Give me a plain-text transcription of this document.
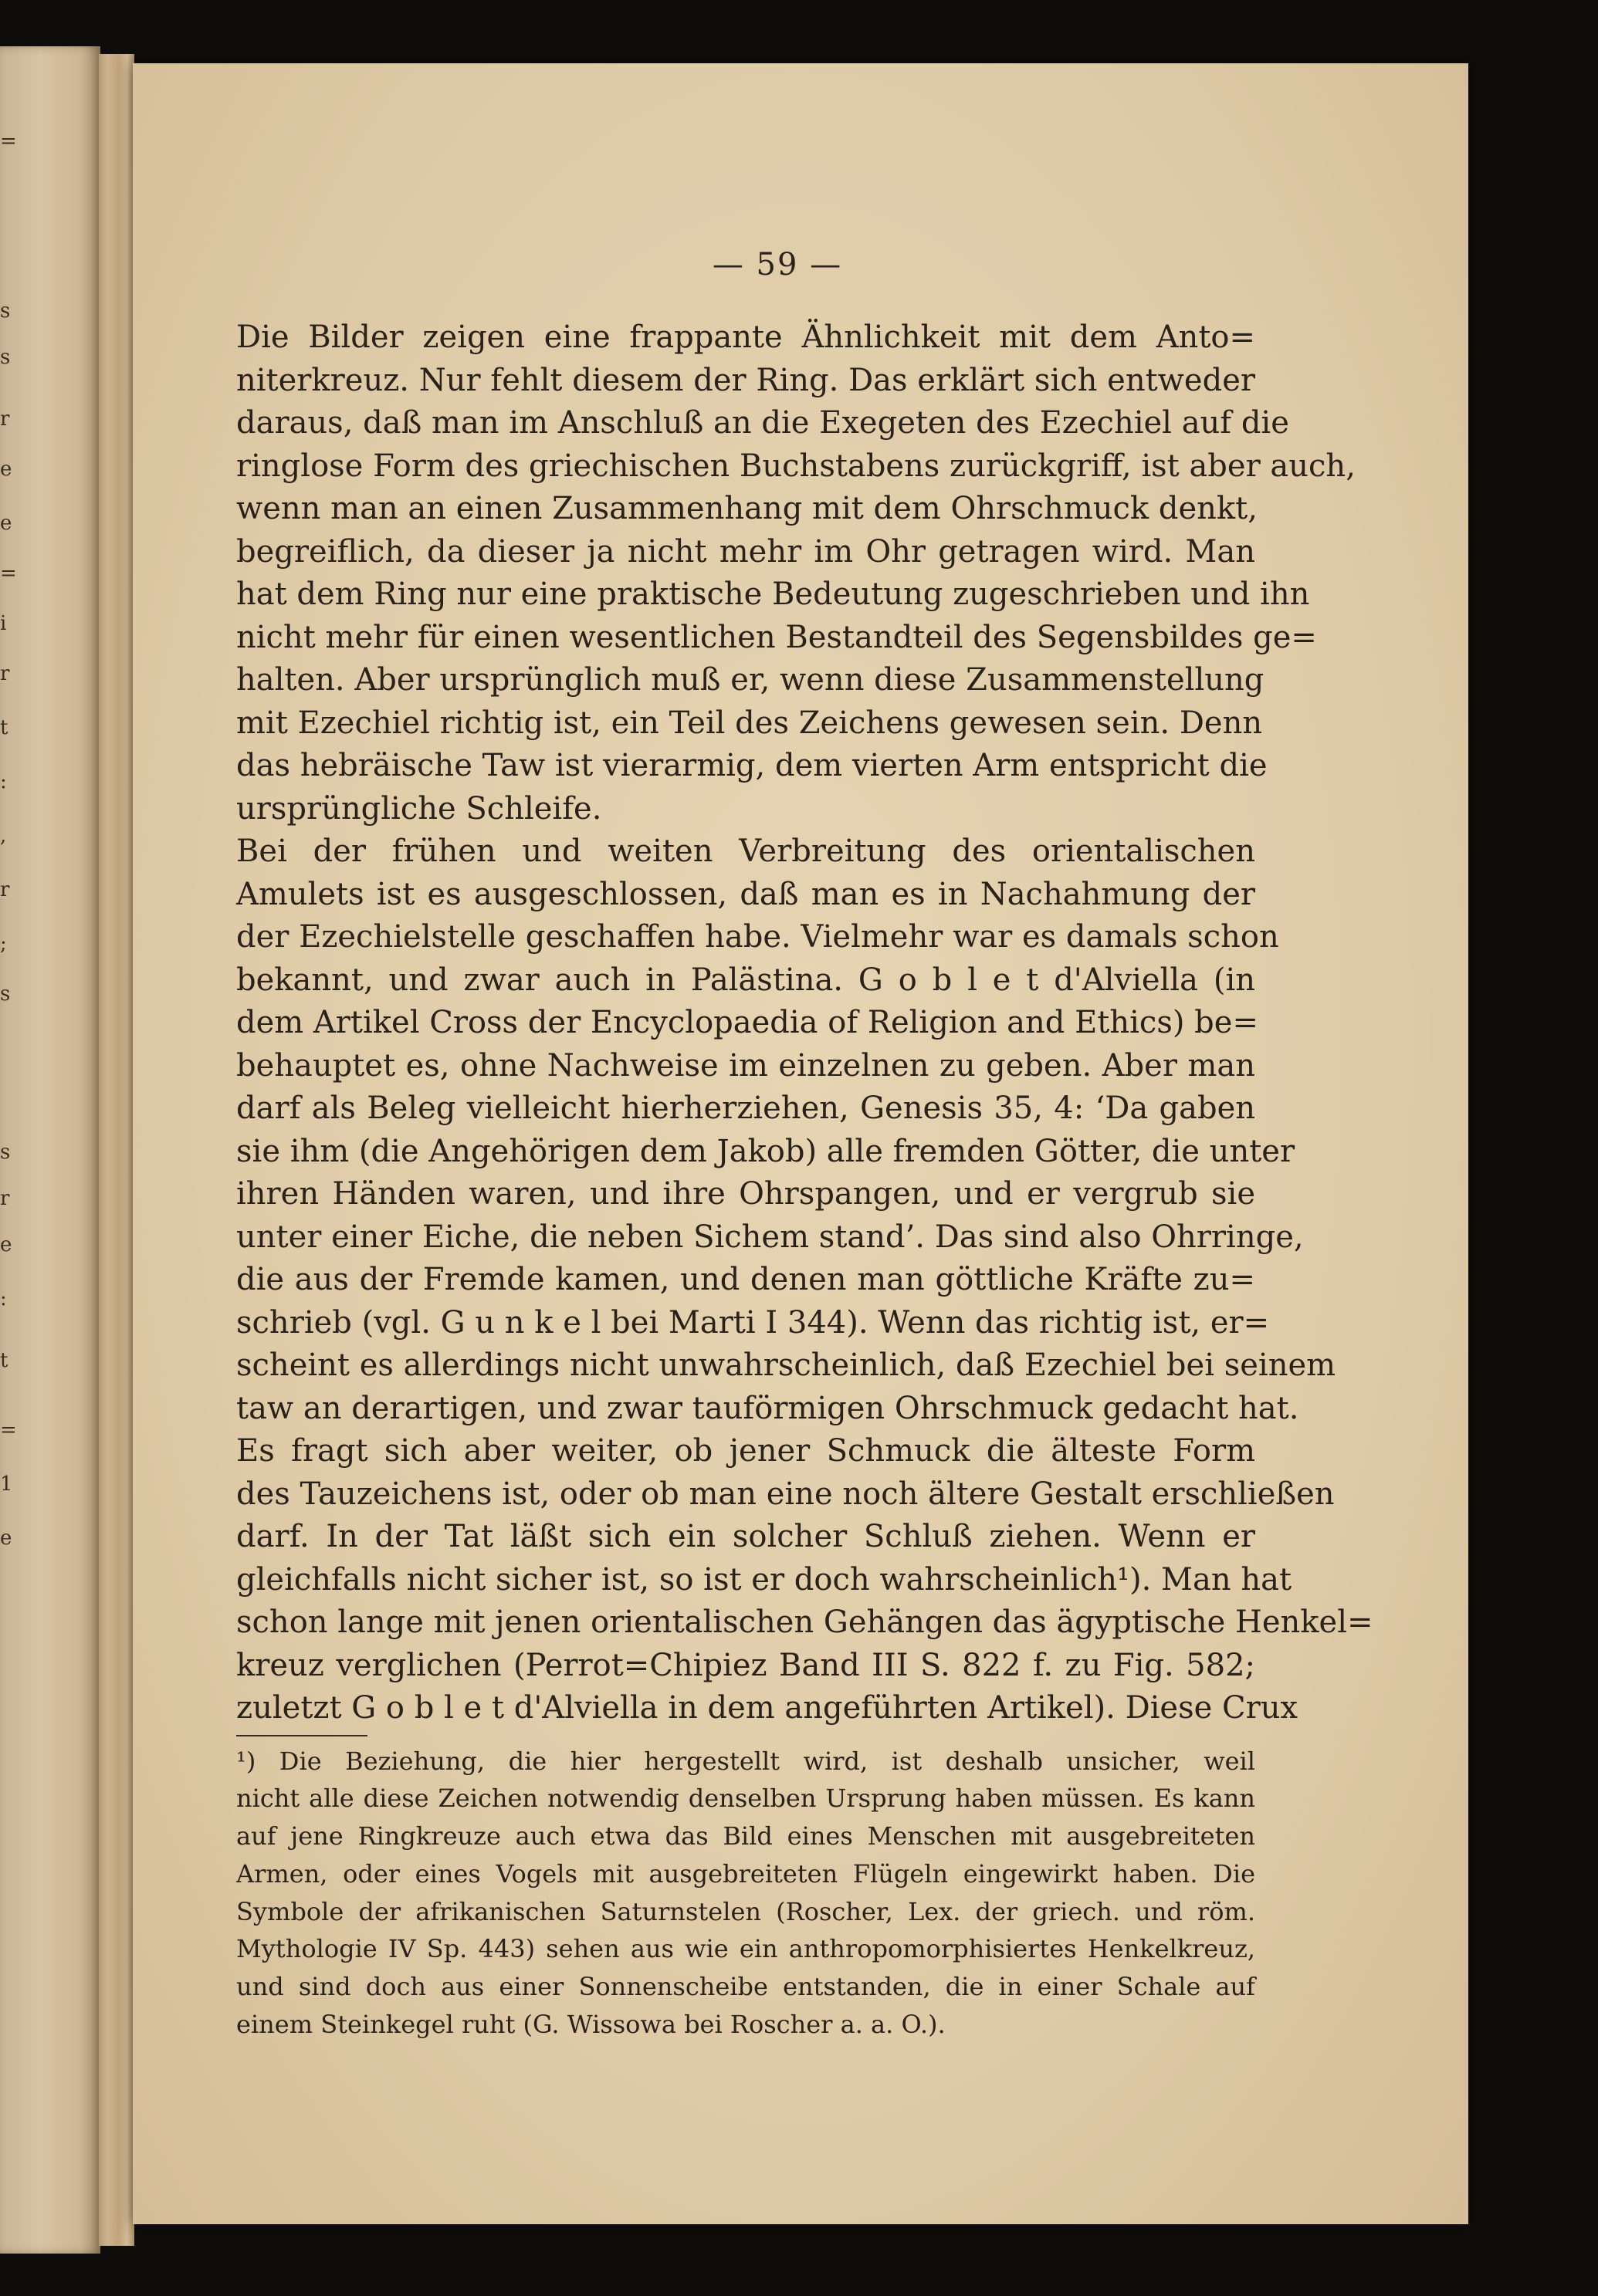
=
s
s
r
e
e
=
i
r
t
:
,
r
;
s
s
r
e
:
t
=
1
e
— 59 —
Die Bilder zeigen eine frappante Ähnlichkeit mit dem Anto=
niterkreuz. Nur fehlt diesem der Ring. Das erklärt sich entweder
daraus, daß man im Anschluß an die Exegeten des Ezechiel auf die
ringlose Form des griechischen Buchstabens zurückgriff, ist aber auch,
wenn man an einen Zusammenhang mit dem Ohrschmuck denkt,
begreiflich, da dieser ja nicht mehr im Ohr getragen wird. Man
hat dem Ring nur eine praktische Bedeutung zugeschrieben und ihn
nicht mehr für einen wesentlichen Bestandteil des Segensbildes ge=
halten. Aber ursprünglich muß er, wenn diese Zusammenstellung
mit Ezechiel richtig ist, ein Teil des Zeichens gewesen sein. Denn
das hebräische Taw ist vierarmig, dem vierten Arm entspricht die
ursprüngliche Schleife.
Bei der frühen und weiten Verbreitung des orientalischen
Amulets ist es ausgeschlossen, daß man es in Nachahmung der
der Ezechielstelle geschaffen habe. Vielmehr war es damals schon
bekannt, und zwar auch in Palästina. G o b l e t d'Alviella (in
dem Artikel Cross der Encyclopaedia of Religion and Ethics) be=
behauptet es, ohne Nachweise im einzelnen zu geben. Aber man
darf als Beleg vielleicht hierherziehen, Genesis 35, 4: ‘Da gaben
sie ihm (die Angehörigen dem Jakob) alle fremden Götter, die unter
ihren Händen waren, und ihre Ohrspangen, und er vergrub sie
unter einer Eiche, die neben Sichem stand’. Das sind also Ohrringe,
die aus der Fremde kamen, und denen man göttliche Kräfte zu=
schrieb (vgl. G u n k e l bei Marti I 344). Wenn das richtig ist, er=
scheint es allerdings nicht unwahrscheinlich, daß Ezechiel bei seinem
taw an derartigen, und zwar tauförmigen Ohrschmuck gedacht hat.
Es fragt sich aber weiter, ob jener Schmuck die älteste Form
des Tauzeichens ist, oder ob man eine noch ältere Gestalt erschließen
darf. In der Tat läßt sich ein solcher Schluß ziehen. Wenn er
gleichfalls nicht sicher ist, so ist er doch wahrscheinlich¹). Man hat
schon lange mit jenen orientalischen Gehängen das ägyptische Henkel=
kreuz verglichen (Perrot=Chipiez Band III S. 822 f. zu Fig. 582;
zuletzt G o b l e t d'Alviella in dem angeführten Artikel). Diese Crux
¹) Die Beziehung, die hier hergestellt wird, ist deshalb unsicher, weil
nicht alle diese Zeichen notwendig denselben Ursprung haben müssen. Es kann
auf jene Ringkreuze auch etwa das Bild eines Menschen mit ausgebreiteten
Armen, oder eines Vogels mit ausgebreiteten Flügeln eingewirkt haben. Die
Symbole der afrikanischen Saturnstelen (Roscher, Lex. der griech. und röm.
Mythologie IV Sp. 443) sehen aus wie ein anthropomorphisiertes Henkelkreuz,
und sind doch aus einer Sonnenscheibe entstanden, die in einer Schale auf
einem Steinkegel ruht (G. Wissowa bei Roscher a. a. O.).
